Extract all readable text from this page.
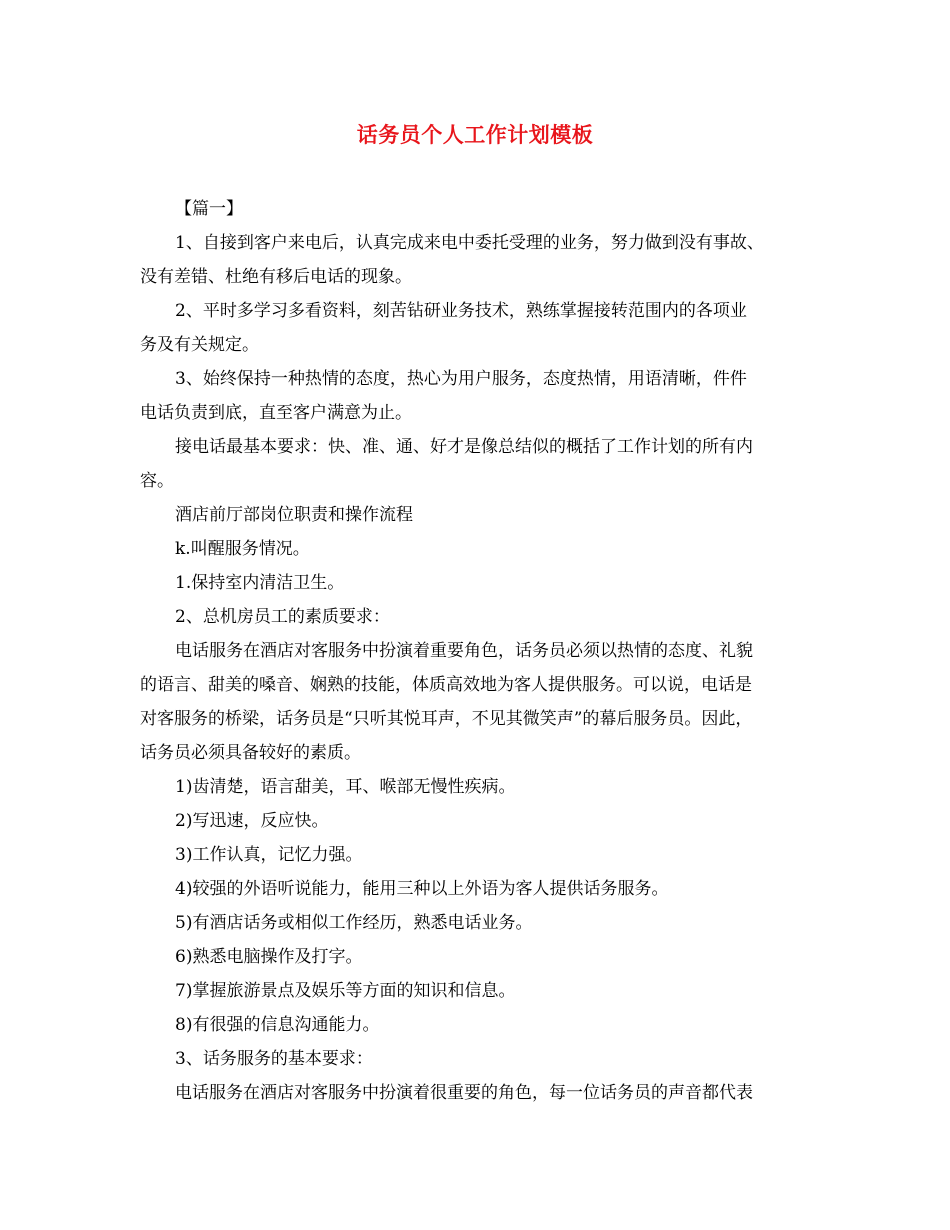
话务员个人工作计划模板

【篇一】

1、自接到客户来电后，认真完成来电中委托受理的业务，努力做到没有事故、

没有差错、杜绝有移后电话的现象。

2、平时多学习多看资料，刻苦钻研业务技术，熟练掌握接转范围内的各项业

务及有关规定。

3、始终保持一种热情的态度，热心为用户服务，态度热情，用语清晰，件件

电话负责到底，直至客户满意为止。

接电话最基本要求：快、准、通、好才是像总结似的概括了工作计划的所有内

容。

酒店前厅部岗位职责和操作流程

k.叫醒服务情况。

1.保持室内清洁卫生。

2、总机房员工的素质要求：

电话服务在酒店对客服务中扮演着重要角色，话务员必须以热情的态度、礼貌

的语言、甜美的嗓音、娴熟的技能，体质高效地为客人提供服务。可以说，电话是

对客服务的桥梁，话务员是“只听其悦耳声，不见其微笑声”的幕后服务员。因此，

话务员必须具备较好的素质。

1)齿清楚，语言甜美，耳、喉部无慢性疾病。

2)写迅速，反应快。

3)工作认真，记忆力强。

4)较强的外语听说能力，能用三种以上外语为客人提供话务服务。

5)有酒店话务或相似工作经历，熟悉电话业务。

6)熟悉电脑操作及打字。

7)掌握旅游景点及娱乐等方面的知识和信息。

8)有很强的信息沟通能力。

3、话务服务的基本要求：

电话服务在酒店对客服务中扮演着很重要的角色，每一位话务员的声音都代表
